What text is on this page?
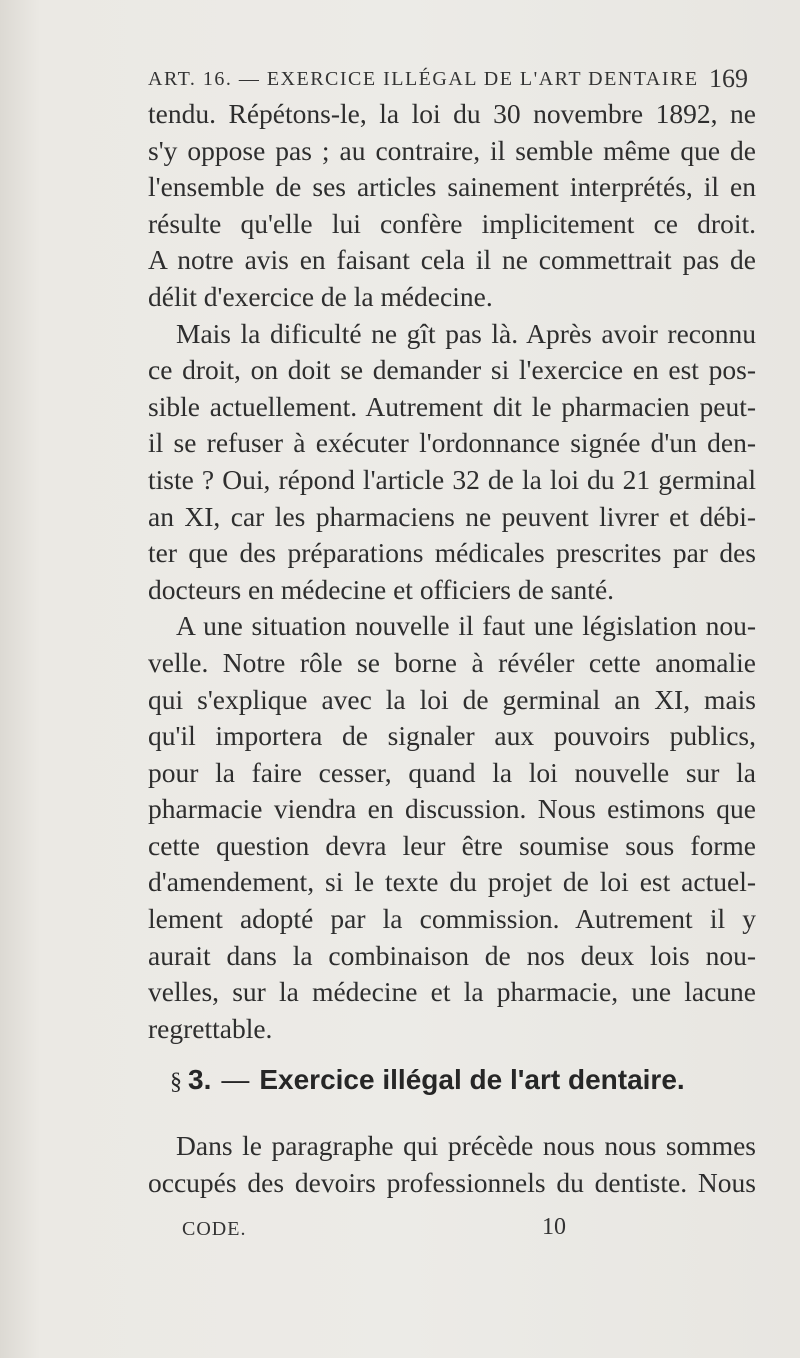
ART. 16. — EXERCICE ILLÉGAL DE L'ART DENTAIRE 169
tendu. Répétons-le, la loi du 30 novembre 1892, ne
s'y oppose pas ; au contraire, il semble même que de
l'ensemble de ses articles sainement interprétés, il en
résulte qu'elle lui confère implicitement ce droit.
A notre avis en faisant cela il ne commettrait pas de
délit d'exercice de la médecine.
Mais la dificulté ne gît pas là. Après avoir reconnu
ce droit, on doit se demander si l'exercice en est pos-
sible actuellement. Autrement dit le pharmacien peut-
il se refuser à exécuter l'ordonnance signée d'un den-
tiste ? Oui, répond l'article 32 de la loi du 21 germinal
an XI, car les pharmaciens ne peuvent livrer et débi-
ter que des préparations médicales prescrites par des
docteurs en médecine et officiers de santé.
A une situation nouvelle il faut une législation nou-
velle. Notre rôle se borne à révéler cette anomalie
qui s'explique avec la loi de germinal an XI, mais
qu'il importera de signaler aux pouvoirs publics,
pour la faire cesser, quand la loi nouvelle sur la
pharmacie viendra en discussion. Nous estimons que
cette question devra leur être soumise sous forme
d'amendement, si le texte du projet de loi est actuel-
lement adopté par la commission. Autrement il y
aurait dans la combinaison de nos deux lois nou-
velles, sur la médecine et la pharmacie, une lacune
regrettable.
§ 3. — Exercice illégal de l'art dentaire.
Dans le paragraphe qui précède nous nous sommes
occupés des devoirs professionnels du dentiste. Nous
CODE.	10
